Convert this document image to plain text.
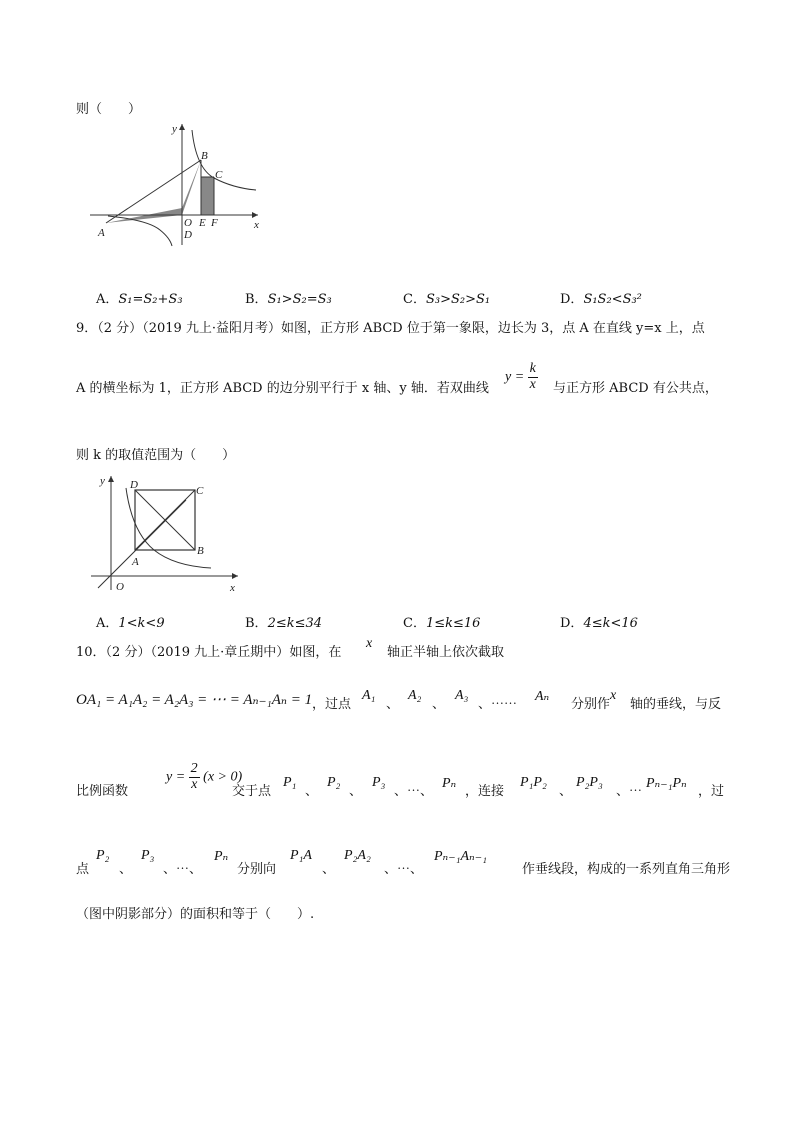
则（　　）
y
x
B
C
O
D
E F
A
A．S₁=S₂+S₃	B．S₁>S₂=S₃	C．S₃>S₂>S₁	D．S₁S₂<S₃²
9．（2 分）（2019 九上·益阳月考）如图，正方形 ABCD 位于第一象限，边长为 3，点 A 在直线 y=x 上，点
A 的横坐标为 1，正方形 ABCD 的边分别平行于 x 轴、y 轴．若双曲线
$y = \frac{k}{x}$ 与正方形 ABCD 有公共点，
则 k 的取值范围为（　　）
y
x
D	C
A
B
O
A．1<k<9	B．2≤k≤34	C．1≤k≤16	D．4≤k<16
10．（2 分）（2019 九上·章丘期中）如图，在
x
轴正半轴上依次截取
OA₁ = A₁A₂ = A₂A₃ = ⋯ = Aₙ₋₁Aₙ = 1 ，过点
A₁
、
A₂
、
A₃
、⋯⋯
Aₙ
分别作
x
轴的垂线，与反
比例函数
$y = \frac{2}{x} (x > 0)$
交于点
P₁
、
P₂
、
P₃
、⋯、
Pₙ
，连接
P₁P₂
、
P₂P₃
、⋯
Pₙ₋₁Pₙ
，过
点
P₂
、
P₃
、⋯、
Pₙ
分别向
P₁A
、
P₂A₂
、⋯、
Pₙ₋₁Aₙ₋₁
作垂线段，构成的一系列直角三角形
（图中阴影部分）的面积和等于（　　）.
